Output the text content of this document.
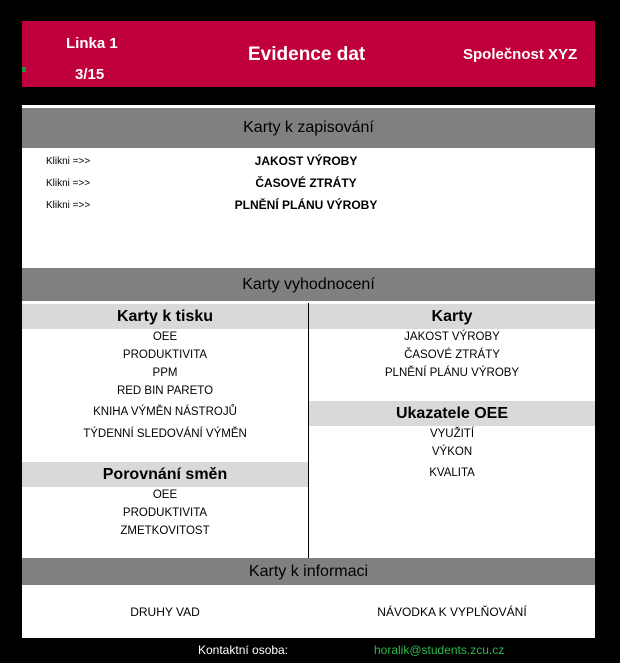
Linka 1
3/15
Evidence dat	Společnost XYZ
Karty k zapisování
Klikni =>>	JAKOST VÝROBY
Klikni =>>	ČASOVÉ ZTRÁTY
Klikni =>>	PLNĚNÍ PLÁNU VÝROBY
Karty vyhodnocení
Karty k tisku
OEE
PRODUKTIVITA
PPM
RED BIN PARETO
KNIHA VÝMĚN NÁSTROJŮ
TÝDENNÍ SLEDOVÁNÍ VÝMĚN
Porovnání směn
OEE
PRODUKTIVITA
ZMETKOVITOST
Karty
JAKOST VÝROBY
ČASOVÉ ZTRÁTY
PLNĚNÍ PLÁNU VÝROBY
Ukazatele OEE
VYUŽITÍ
VÝKON
KVALITA
Karty k informaci
DRUHY VAD	NÁVODKA K VYPLŇOVÁNÍ
Kontaktní osoba:	horalik@students.zcu.cz
